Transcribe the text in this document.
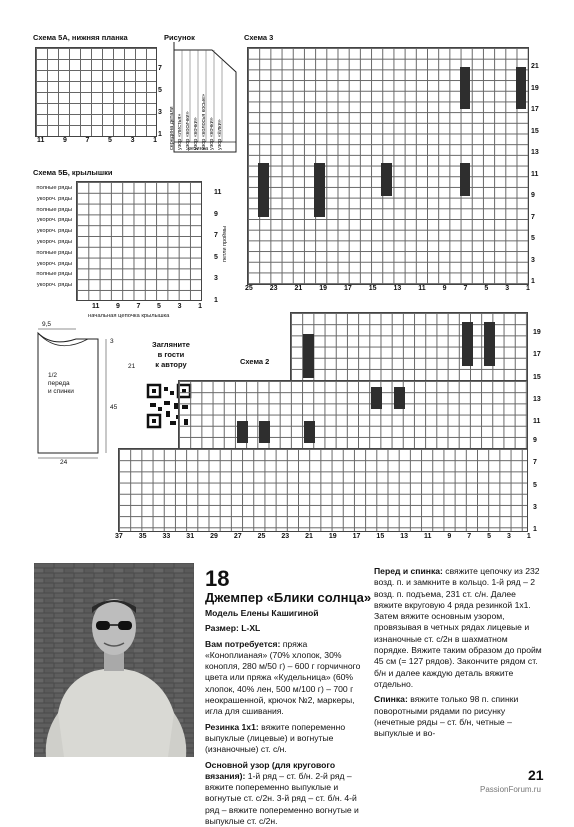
Схема 5А, нижняя планка
7
5
3
1
11	9	7	5	3	1
Рисунок
середина детали узор «листья» узор «косички» узор «кочки» узор «колосья косые» узор «кочки» узор «ёлки»
резинка
Схема 3
21
19
17
15
13
11
9
7
5
3
1
25 23 21 19 17 15 13 11 9 7 5 3 1
Схема 5Б, крылышки
полные ряды
укороч. ряды
полные ряды
укороч. ряды
укороч. ряды
укороч. ряды
полные ряды
укороч. ряды
полные ряды
укороч. ряды
11
9
7
5
3
1
петли проймы
11 9 7 5 3 1
начальная цепочка крылышка
9,5
3
21
45
24
1/2
переда
и спинки
Загляните
в гости
к автору	Схема 2
19
17
15
13
11
9
7
5
3
1
37 35 33 31 29 27 25 23 21 19 17 15 13 11 9 7 5 3 1
18
Джемпер «Блики солнца»

Модель Елены Кашигиной

Размер: L-XL

Вам потребуется: пряжа «Коноплианая» (70% хлопок, 30% конопля, 280 м/50 г) – 600 г горчичного цвета или пряжа «Кудельница» (60% хлопок, 40% лен, 500 м/100 г) – 700 г неокрашенной, крючок №2, маркеры, игла для сшивания.

Резинка 1х1: вяжите попеременно выпуклые (лицевые) и вогнутые (изнаночные) ст. с/н.

Основной узор (для кругового вязания): 1-й ряд – ст. б/н. 2-й ряд – вяжите попеременно выпуклые и вогнутые ст. с/2н. 3-й ряд – ст. б/н. 4-й ряд – вяжите попеременно вогнутые и выпуклые ст. с/2н.

Перед и спинка: свяжите цепочку из 232 возд. п. и замкните в кольцо. 1-й ряд – 2 возд. п. подъема, 231 ст. с/н. Далее вяжите вкруговую 4 ряда резинкой 1х1. Затем вяжите основным узором, провязывая в четных рядах лицевые и изнаночные ст. с/2н в шахматном порядке. Вяжите таким образом до пройм 45 см (= 127 рядов). Закончите рядом ст. б/н и далее каждую деталь вяжите отдельно.

Спинка: вяжите только 98 п. спинки поворотными рядами по рисунку (нечетные ряды – ст. б/н, четные –выпуклые и во-

21
PassionForum.ru
